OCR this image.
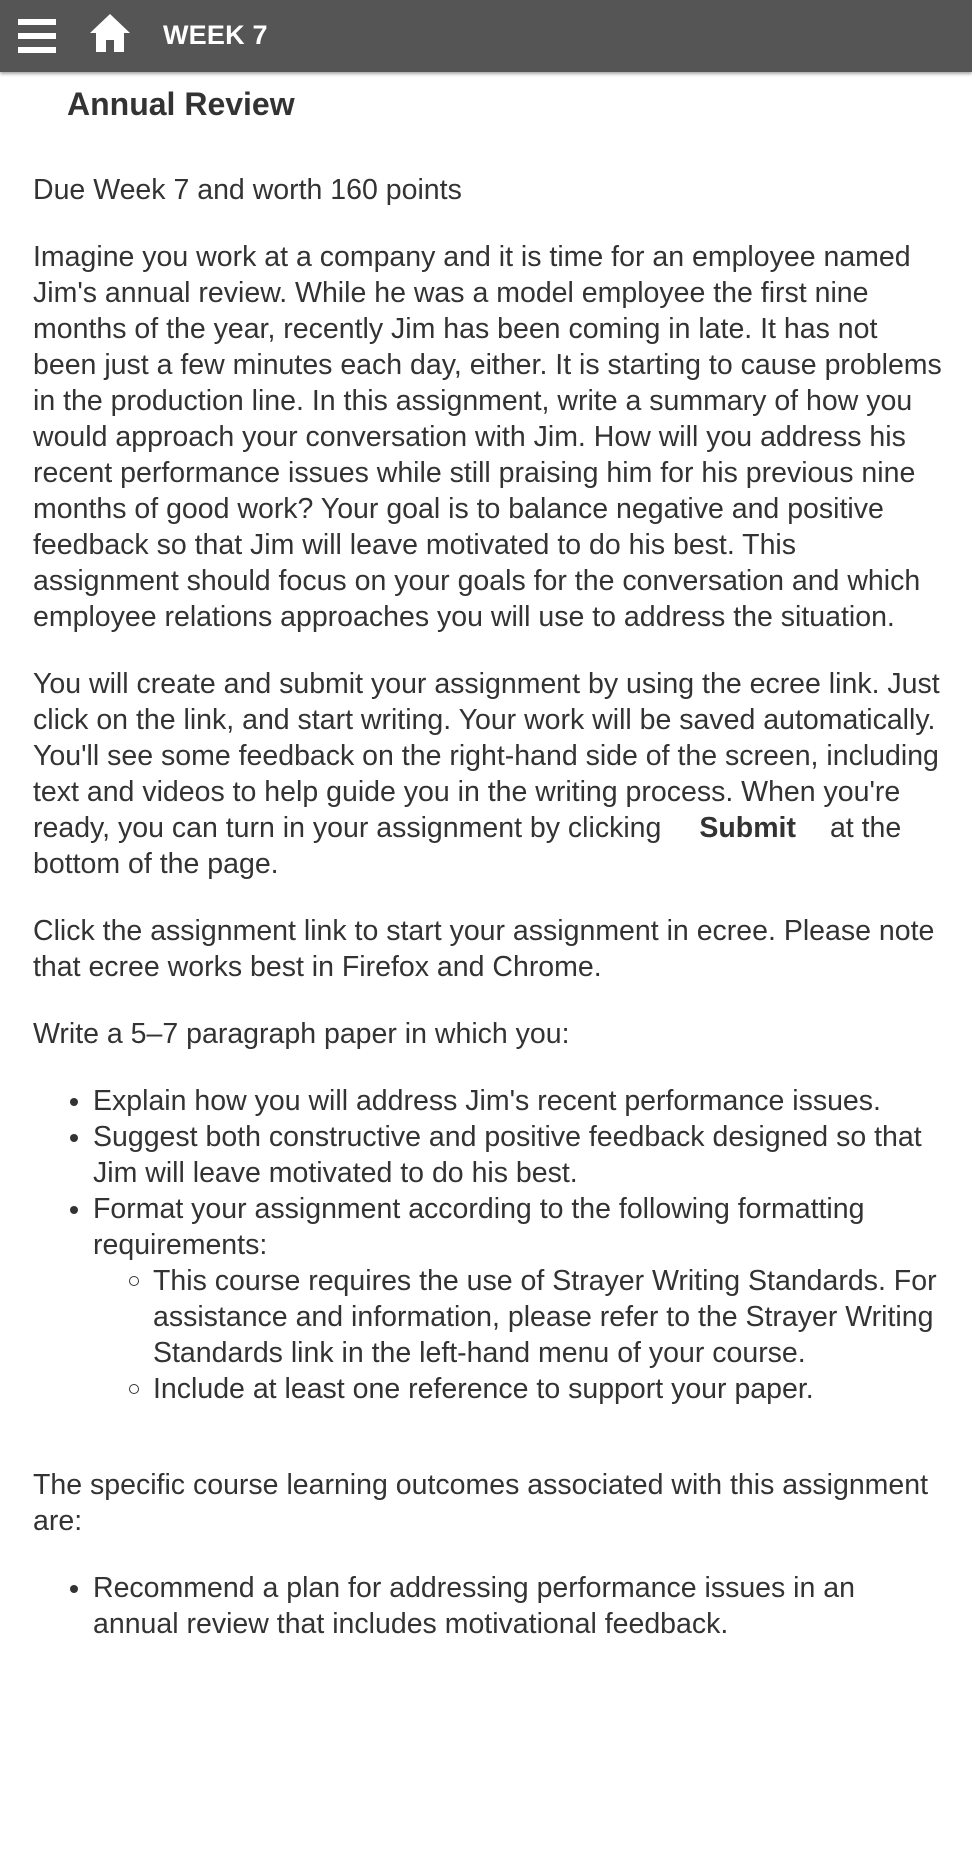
WEEK 7
Annual Review
Due Week 7 and worth 160 points
Imagine you work at a company and it is time for an employee named Jim's annual review. While he was a model employee the first nine months of the year, recently Jim has been coming in late. It has not been just a few minutes each day, either. It is starting to cause problems in the production line. In this assignment, write a summary of how you would approach your conversation with Jim. How will you address his recent performance issues while still praising him for his previous nine months of good work? Your goal is to balance negative and positive feedback so that Jim will leave motivated to do his best. This assignment should focus on your goals for the conversation and which employee relations approaches you will use to address the situation.
You will create and submit your assignment by using the ecree link. Just click on the link, and start writing. Your work will be saved automatically. You'll see some feedback on the right-hand side of the screen, including text and videos to help guide you in the writing process. When you're ready, you can turn in your assignment by clicking Submit at the bottom of the page.
Click the assignment link to start your assignment in ecree. Please note that ecree works best in Firefox and Chrome.
Write a 5–7 paragraph paper in which you:
Explain how you will address Jim's recent performance issues.
Suggest both constructive and positive feedback designed so that Jim will leave motivated to do his best.
Format your assignment according to the following formatting requirements:
This course requires the use of Strayer Writing Standards. For assistance and information, please refer to the Strayer Writing Standards link in the left-hand menu of your course.
Include at least one reference to support your paper.
The specific course learning outcomes associated with this assignment are:
Recommend a plan for addressing performance issues in an annual review that includes motivational feedback.
